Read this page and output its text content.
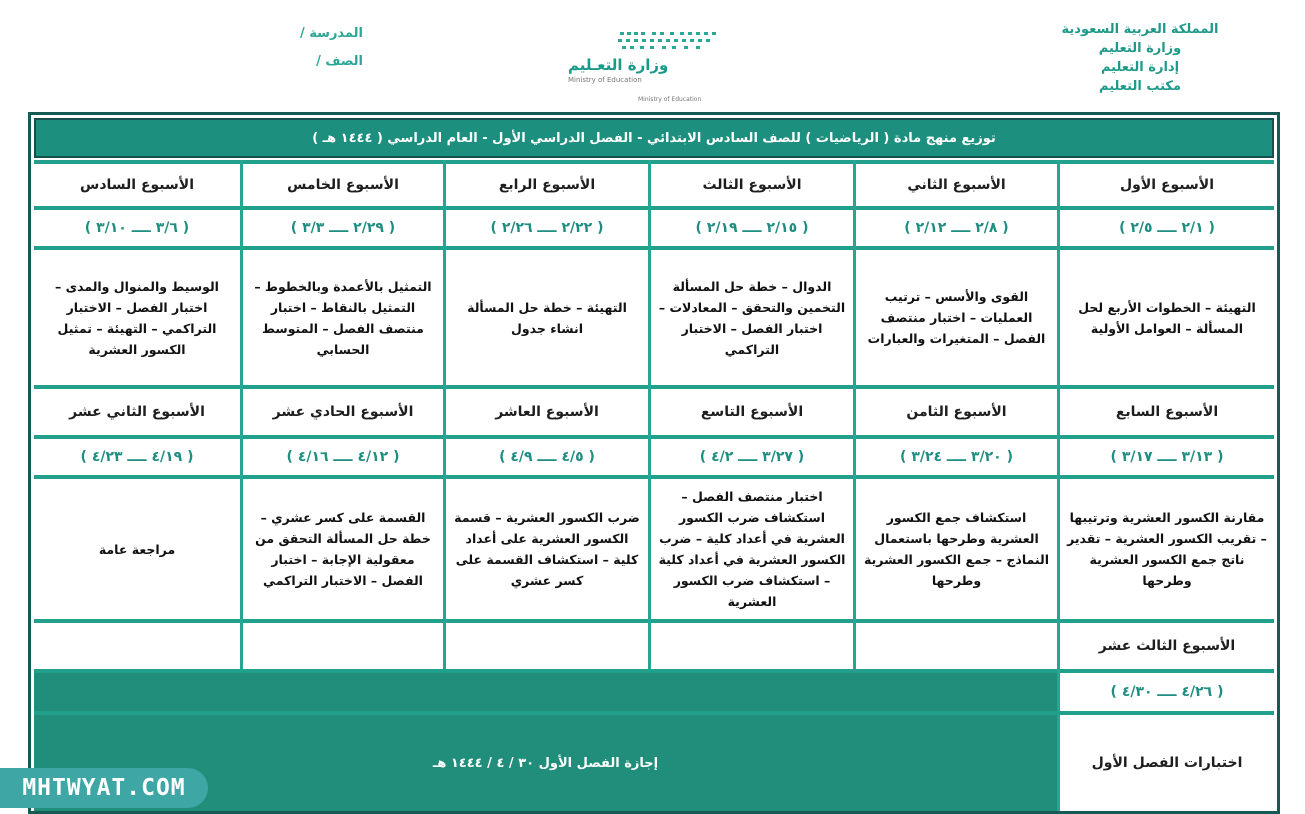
المملكة العربية السعودية
وزارة التعليم
إدارة التعليم
مكتب التعليم
وزارة التعـليم
Ministry of Education
Ministry of Education
المدرسة /
الصف /
توزيع منهج مادة ( الرياضيات ) للصف السادس الابتدائي - الفصل الدراسي الأول - العام الدراسي ( ١٤٤٤ هـ )
الأسبوع الأول
الأسبوع الثاني
الأسبوع الثالث
الأسبوع الرابع
الأسبوع الخامس
الأسبوع السادس
( ٢/١ ــــ ٢/٥ )
( ٢/٨ ــــ ٢/١٢ )
( ٢/١٥ ــــ ٢/١٩ )
( ٢/٢٢ ــــ ٢/٢٦ )
( ٢/٢٩ ــــ ٣/٣ )
( ٣/٦ ــــ ٣/١٠ )
التهيئة – الخطوات الأربع لحل المسألة – العوامل الأولية
القوى والأسس – ترتيب العمليات – اختبار منتصف الفصل – المتغيرات والعبارات
الدوال – خطة حل المسألة التخمين والتحقق – المعادلات – اختبار الفصل – الاختبار التراكمي
التهيئة – خطة حل المسألة انشاء جدول
التمثيل بالأعمدة وبالخطوط – التمثيل بالنقاط – اختبار منتصف الفصل – المتوسط الحسابي
الوسيط والمنوال والمدى – اختبار الفصل – الاختبار التراكمي – التهيئة – تمثيل الكسور العشرية
الأسبوع السابع
الأسبوع الثامن
الأسبوع التاسع
الأسبوع العاشر
الأسبوع الحادي عشر
الأسبوع الثاني عشر
( ٣/١٣ ــــ ٣/١٧ )
( ٣/٢٠ ــــ ٣/٢٤ )
( ٣/٢٧ ــــ ٤/٢ )
( ٤/٥ ــــ ٤/٩ )
( ٤/١٢ ــــ ٤/١٦ )
( ٤/١٩ ــــ ٤/٢٣ )
مقارنة الكسور العشرية وترتيبها – تقريب الكسور العشرية – تقدير ناتج جمع الكسور العشرية وطرحها
استكشاف جمع الكسور العشرية وطرحها باستعمال النماذج – جمع الكسور العشرية وطرحها
اختبار منتصف الفصل – استكشاف ضرب الكسور العشرية في أعداد كلية – ضرب الكسور العشرية في أعداد كلية – استكشاف ضرب الكسور العشرية
ضرب الكسور العشرية – قسمة الكسور العشرية على أعداد كلية – استكشاف القسمة على كسر عشري
القسمة على كسر عشري – خطة حل المسألة التحقق من معقولية الإجابة – اختبار الفصل – الاختبار التراكمي
مراجعة عامة
الأسبوع الثالث عشر
( ٤/٢٦ ــــ ٤/٣٠ )
إجازة الفصل الأول ٣٠ / ٤ / ١٤٤٤ هـ	اختبارات الفصل الأول
MHTWYAT.COM
